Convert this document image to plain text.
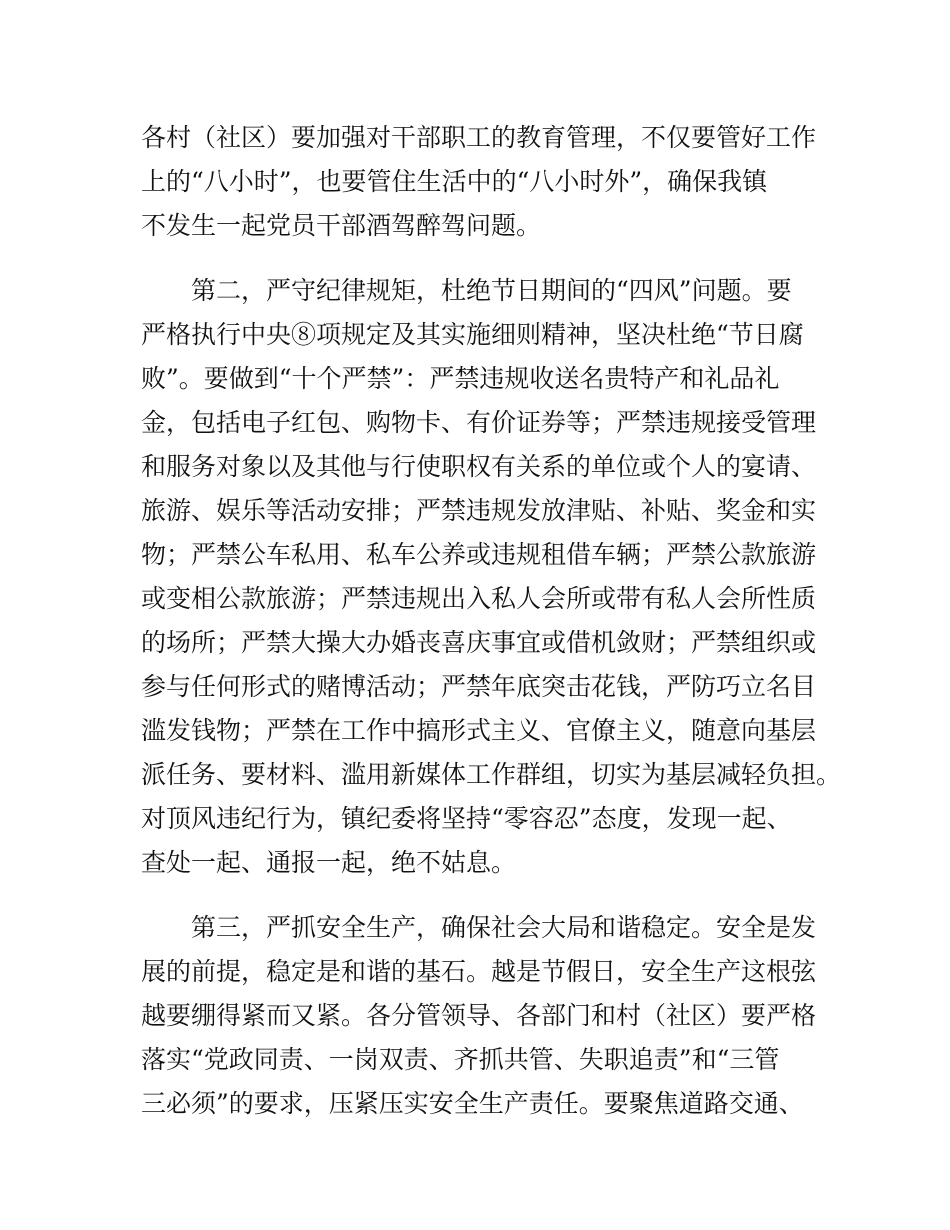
各村（社区）要加强对干部职工的教育管理，不仅要管好工作
上的“八小时”，也要管住生活中的“八小时外”，确保我镇
不发生一起党员干部酒驾醉驾问题。
　　第二，严守纪律规矩，杜绝节日期间的“四风”问题。要
严格执行中央⑧项规定及其实施细则精神，坚决杜绝“节日腐
败”。要做到“十个严禁”：严禁违规收送名贵特产和礼品礼
金，包括电子红包、购物卡、有价证券等；严禁违规接受管理
和服务对象以及其他与行使职权有关系的单位或个人的宴请、
旅游、娱乐等活动安排；严禁违规发放津贴、补贴、奖金和实
物；严禁公车私用、私车公养或违规租借车辆；严禁公款旅游
或变相公款旅游；严禁违规出入私人会所或带有私人会所性质
的场所；严禁大操大办婚丧喜庆事宜或借机敛财；严禁组织或
参与任何形式的赌博活动；严禁年底突击花钱，严防巧立名目
滥发钱物；严禁在工作中搞形式主义、官僚主义，随意向基层
派任务、要材料、滥用新媒体工作群组，切实为基层减轻负担。
对顶风违纪行为，镇纪委将坚持“零容忍”态度，发现一起、
查处一起、通报一起，绝不姑息。
　　第三，严抓安全生产，确保社会大局和谐稳定。安全是发
展的前提，稳定是和谐的基石。越是节假日，安全生产这根弦
越要绷得紧而又紧。各分管领导、各部门和村（社区）要严格
落实“党政同责、一岗双责、齐抓共管、失职追责”和“三管
三必须”的要求，压紧压实安全生产责任。要聚焦道路交通、
